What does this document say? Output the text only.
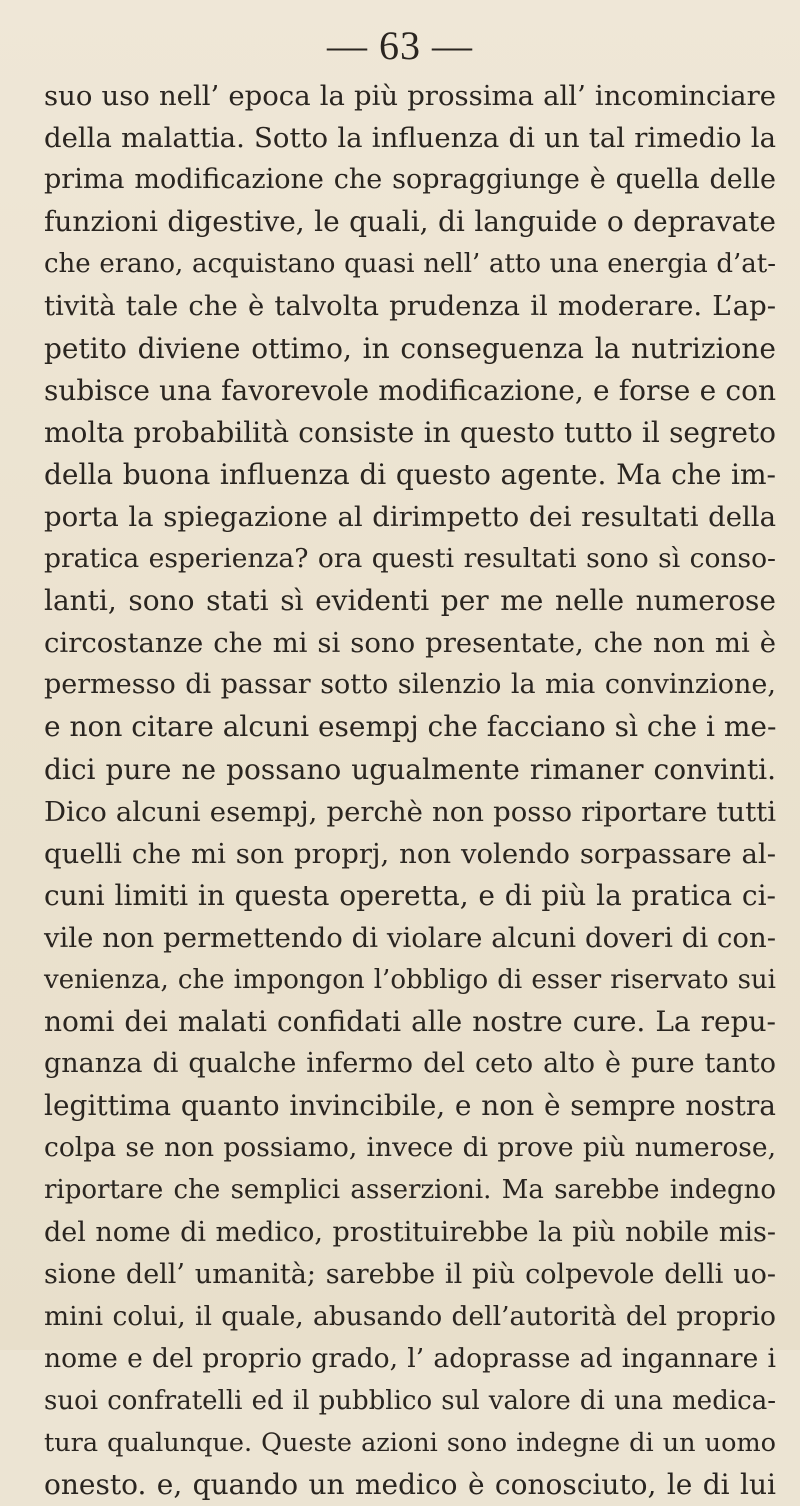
— 63 —
suo uso nell’ epoca la più prossima all’ incominciare
della malattia. Sotto la influenza di un tal rimedio la
prima modificazione che sopraggiunge è quella delle
funzioni digestive, le quali, di languide o depravate
che erano, acquistano quasi nell’ atto una energia d’at-
tività tale che è talvolta prudenza il moderare. L’ap-
petito diviene ottimo, in conseguenza la nutrizione
subisce una favorevole modificazione, e forse e con
molta probabilità consiste in questo tutto il segreto
della buona influenza di questo agente. Ma che im-
porta la spiegazione al dirimpetto dei resultati della
pratica esperienza? ora questi resultati sono sì conso-
lanti, sono stati sì evidenti per me nelle numerose
circostanze che mi si sono presentate, che non mi è
permesso di passar sotto silenzio la mia convinzione,
e non citare alcuni esempj che facciano sì che i me-
dici pure ne possano ugualmente rimaner convinti.
Dico alcuni esempj, perchè non posso riportare tutti
quelli che mi son proprj, non volendo sorpassare al-
cuni limiti in questa operetta, e di più la pratica ci-
vile non permettendo di violare alcuni doveri di con-
venienza, che impongon l’obbligo di esser riservato sui
nomi dei malati confidati alle nostre cure. La repu-
gnanza di qualche infermo del ceto alto è pure tanto
legittima quanto invincibile, e non è sempre nostra
colpa se non possiamo, invece di prove più numerose,
riportare che semplici asserzioni. Ma sarebbe indegno
del nome di medico, prostituirebbe la più nobile mis-
sione dell’ umanità; sarebbe il più colpevole delli uo-
mini colui, il quale, abusando dell’autorità del proprio
nome e del proprio grado, l’ adoprasse ad ingannare i
suoi confratelli ed il pubblico sul valore di una medica-
tura qualunque. Queste azioni sono indegne di un uomo
onesto. e, quando un medico è conosciuto, le di lui
